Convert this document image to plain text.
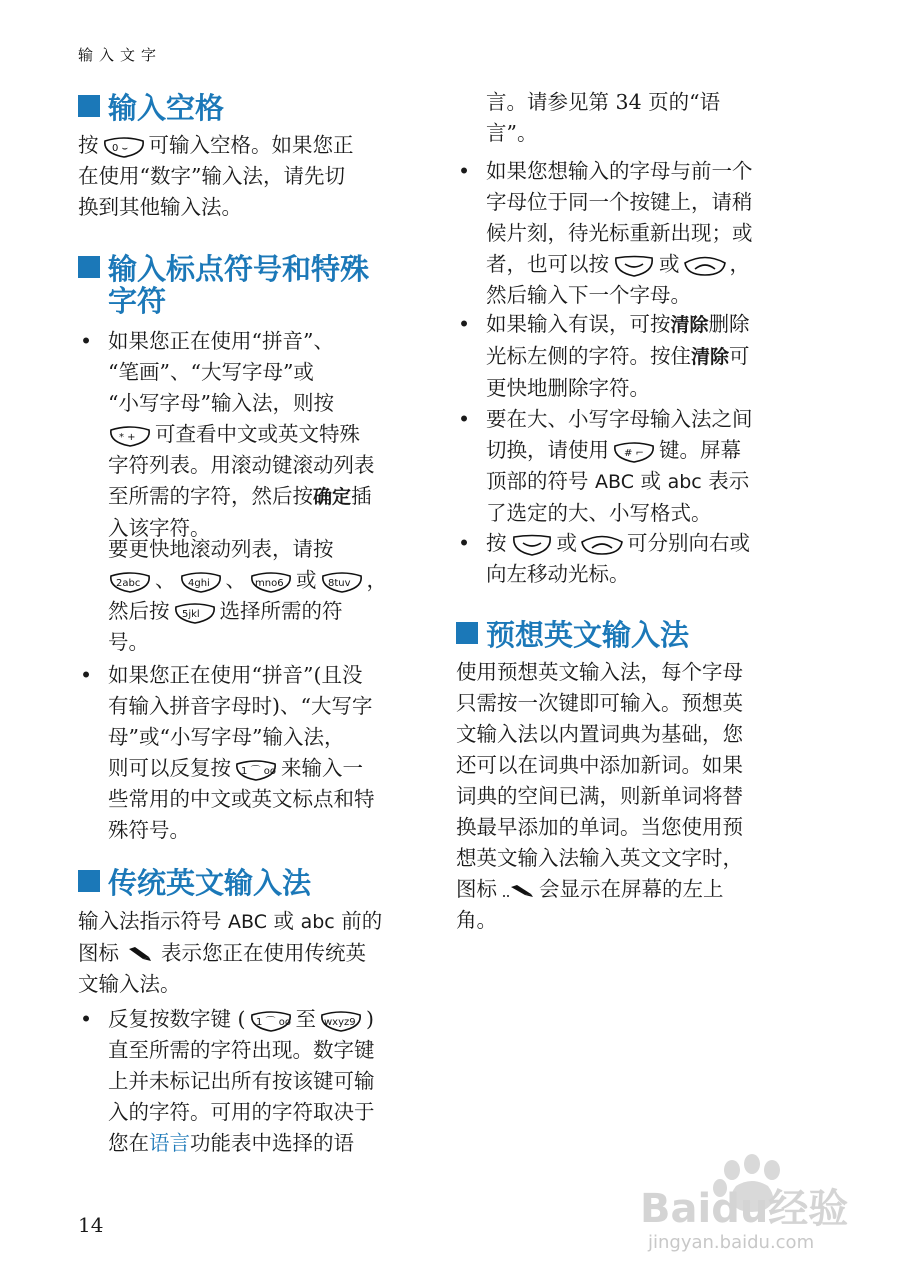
输入文字
输入空格

按 0 ⌣ 可输入空格。如果您正
在使用“数字”输入法，请先切
换到其他输入法。

输入标点符号和特殊
字符
• 如果您正在使用“拼音”、
“笔画”、“大写字母”或
“小写字母”输入法，则按

* + 可查看中文或英文特殊
字符列表。用滚动键滚动列表
至所需的字符，然后按确定插
入该字符。

要更快地滚动列表，请按

2abc 、 4ghi 、 mno6 或 8tuv ，
然后按 5jkl 选择所需的符
号。

• 如果您正在使用“拼音”(且没
有输入拼音字母时)、“大写字
母”或“小写字母”输入法，
则可以反复按 1 ⌒ oo 来输入一
些常用的中文或英文标点和特
殊符号。
传统英文输入法

输入法指示符号 ABC 或 abc 前的
图标 表示您正在使用传统英
文输入法。

• 反复按数字键 ( 1 ⌒ oo 至 wxyz9 )
直至所需的字符出现。数字键
上并未标记出所有按该键可输
入的字符。可用的字符取决于
您在语言功能表中选择的语

言。请参见第 34 页的“语
言”。

• 如果您想输入的字母与前一个
字母位于同一个按键上，请稍
候片刻，待光标重新出现；或
者，也可以按 或 ，
然后输入下一个字母。
• 如果输入有误，可按清除删除
光标左侧的字符。按住清除可
更快地删除字符。
• 要在大、小写字母输入法之间
切换，请使用 # ⌐ 键。屏幕
顶部的符号 ABC 或 abc 表示
了选定的大、小写格式。
• 按 或 可分别向右或
向左移动光标。
预想英文输入法

使用预想英文输入法，每个字母
只需按一次键即可输入。预想英
文输入法以内置词典为基础，您
还可以在词典中添加新词。如果
词典的空间已满，则新单词将替
换最早添加的单词。当您使用预
想英文输入法输入英文文字时，
图标 会显示在屏幕的左上
角。

14	Baidu经验
jingyan.baidu.com
